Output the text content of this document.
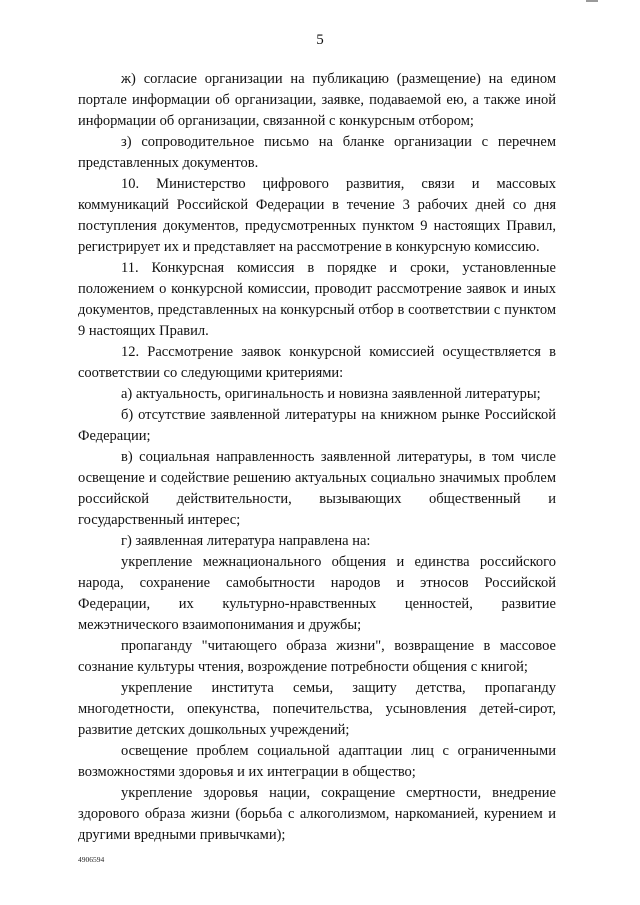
5

ж) согласие организации на публикацию (размещение) на едином портале информации об организации, заявке, подаваемой ею, а также иной информации об организации, связанной с конкурсным отбором;

з) сопроводительное письмо на бланке организации с перечнем представленных документов.

10. Министерство цифрового развития, связи и массовых коммуникаций Российской Федерации в течение 3 рабочих дней со дня поступления документов, предусмотренных пунктом 9 настоящих Правил, регистрирует их и представляет на рассмотрение в конкурсную комиссию.

11. Конкурсная комиссия в порядке и сроки, установленные положением о конкурсной комиссии, проводит рассмотрение заявок и иных документов, представленных на конкурсный отбор в соответствии с пунктом 9 настоящих Правил.

12. Рассмотрение заявок конкурсной комиссией осуществляется в соответствии со следующими критериями:

а) актуальность, оригинальность и новизна заявленной литературы;

б) отсутствие заявленной литературы на книжном рынке Российской Федерации;

в) социальная направленность заявленной литературы, в том числе освещение и содействие решению актуальных социально значимых проблем российской действительности, вызывающих общественный и государственный интерес;

г) заявленная литература направлена на:

укрепление межнационального общения и единства российского народа, сохранение самобытности народов и этносов Российской Федерации, их культурно-нравственных ценностей, развитие межэтнического взаимопонимания и дружбы;

пропаганду "читающего образа жизни", возвращение в массовое сознание культуры чтения, возрождение потребности общения с книгой;

укрепление института семьи, защиту детства, пропаганду многодетности, опекунства, попечительства, усыновления детей-сирот, развитие детских дошкольных учреждений;

освещение проблем социальной адаптации лиц с ограниченными возможностями здоровья и их интеграции в общество;

укрепление здоровья нации, сокращение смертности, внедрение здорового образа жизни (борьба с алкоголизмом, наркоманией, курением и другими вредными привычками);

4906594
